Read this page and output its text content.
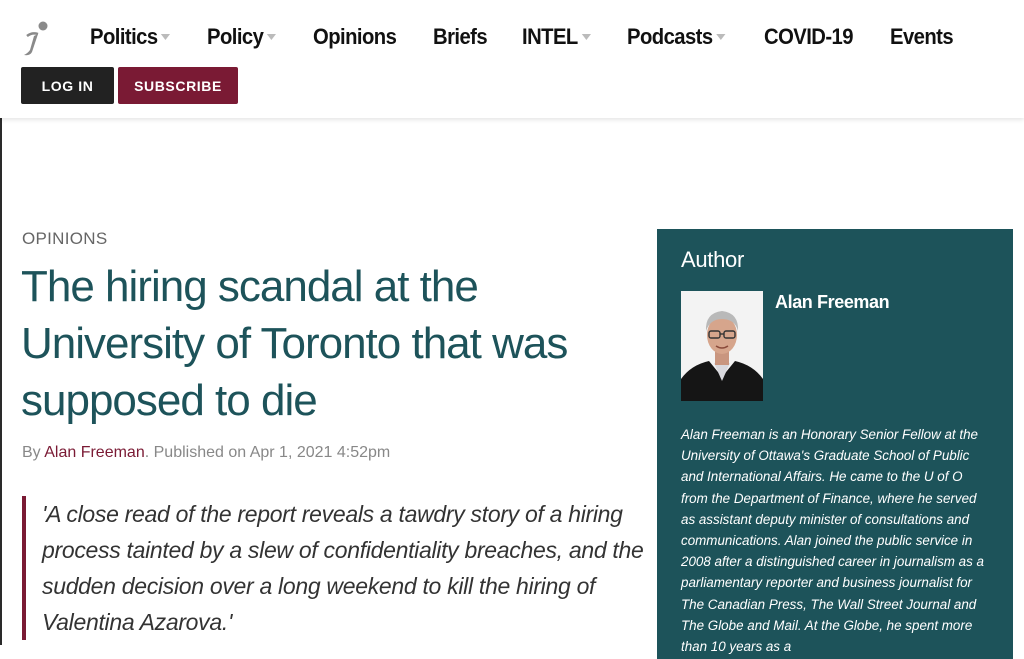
Politics Policy Opinions Briefs INTEL Podcasts COVID-19 Events
LOG IN	SUBSCRIBE
OPINIONS
The hiring scandal at the University of Toronto that was supposed to die
By Alan Freeman. Published on Apr 1, 2021 4:52pm

'A close read of the report reveals a tawdry story of a hiring process tainted by a slew of confidentiality breaches, and the sudden decision over a long weekend to kill the hiring of Valentina Azarova.'

Author
Alan Freeman
Alan Freeman is an Honorary Senior Fellow at the University of Ottawa's Graduate School of Public and International Affairs. He came to the U of O from the Department of Finance, where he served as assistant deputy minister of consultations and communications. Alan joined the public service in 2008 after a distinguished career in journalism as a parliamentary reporter and business journalist for The Canadian Press, The Wall Street Journal and The Globe and Mail. At the Globe, he spent more than 10 years as a
